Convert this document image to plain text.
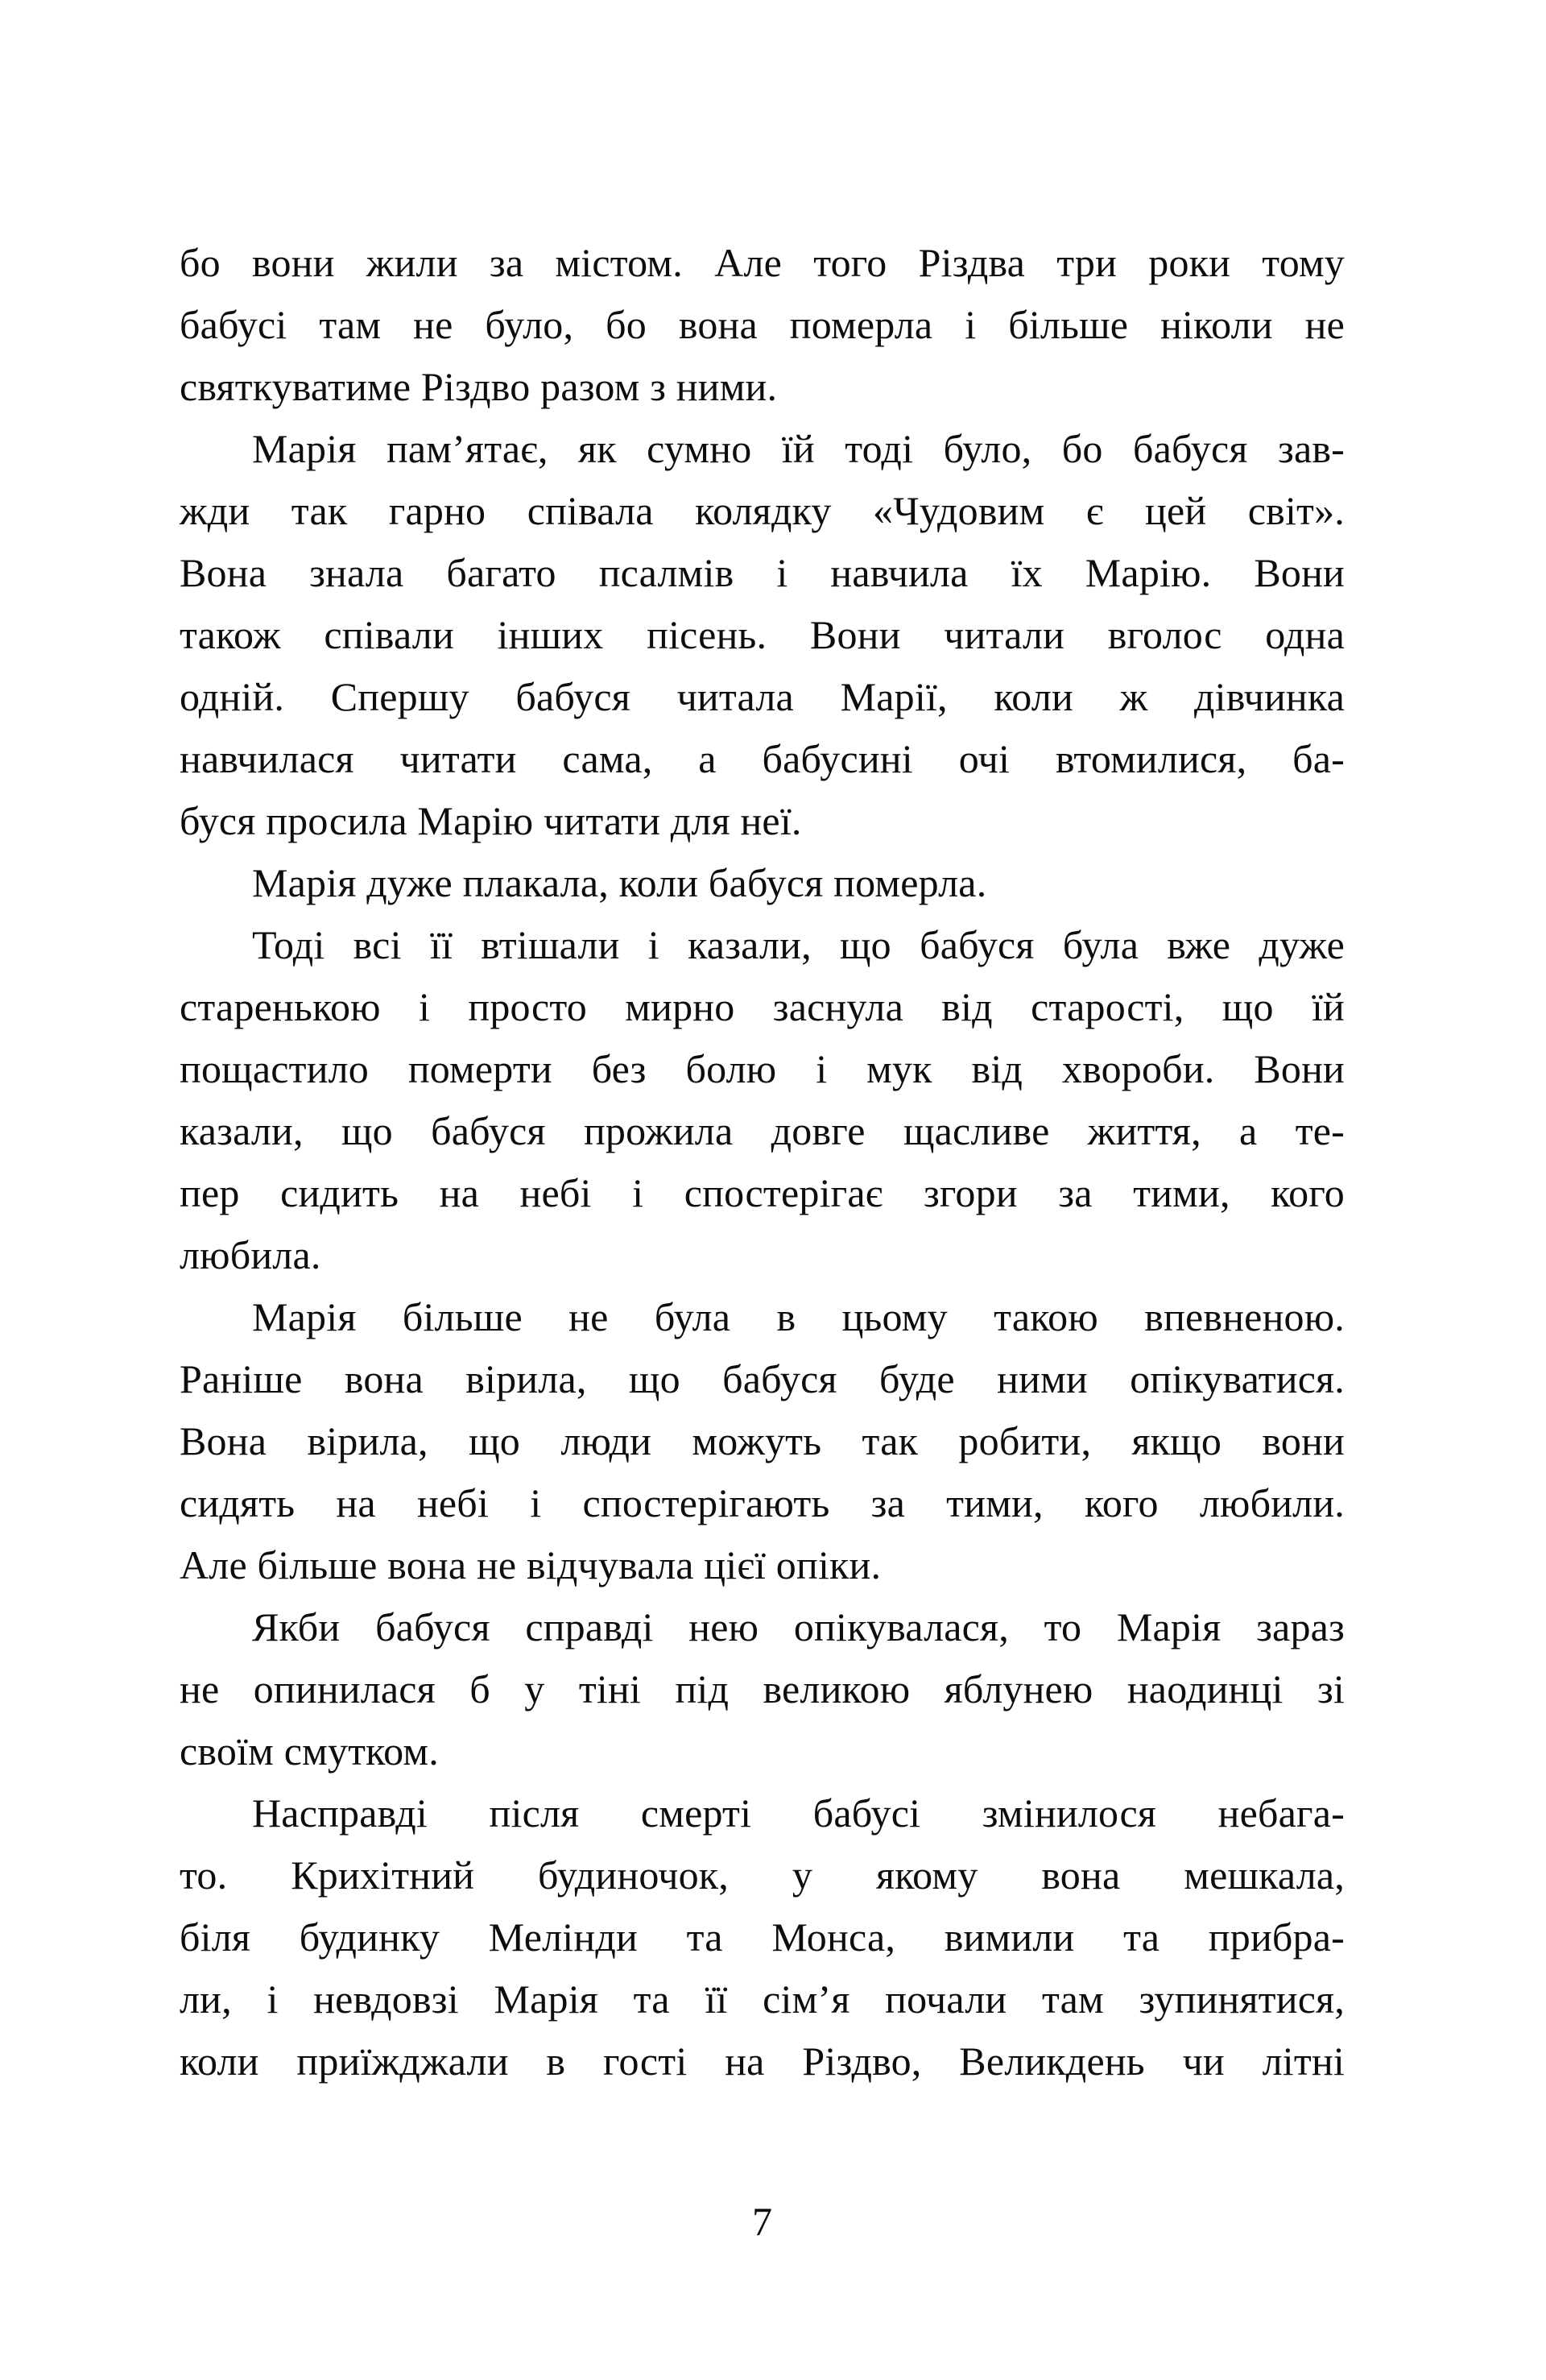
бо вони жили за містом. Але того Різдва три роки тому
бабусі там не було, бо вона померла і більше ніколи не
святкуватиме Різдво разом з ними.
Марія пам’ятає, як сумно їй тоді було, бо бабуся зав-
жди так гарно співала колядку «Чудовим є цей світ».
Вона знала багато псалмів і навчила їх Марію. Вони
також співали інших пісень. Вони читали вголос одна
одній. Спершу бабуся читала Марії, коли ж дівчинка
навчилася читати сама, а бабусині очі втомилися, ба-
буся просила Марію читати для неї.
Марія дуже плакала, коли бабуся померла.
Тоді всі її втішали і казали, що бабуся була вже дуже
старенькою і просто мирно заснула від старості, що їй
пощастило померти без болю і мук від хвороби. Вони
казали, що бабуся прожила довге щасливе життя, а те-
пер сидить на небі і спостерігає згори за тими, кого
любила.
Марія більше не була в цьому такою впевненою.
Раніше вона вірила, що бабуся буде ними опікуватися.
Вона вірила, що люди можуть так робити, якщо вони
сидять на небі і спостерігають за тими, кого любили.
Але більше вона не відчувала цієї опіки.
Якби бабуся справді нею опікувалася, то Марія зараз
не опинилася б у тіні під великою яблунею наодинці зі
своїм смутком.
Насправді після смерті бабусі змінилося небага-
то. Крихітний будиночок, у якому вона мешкала,
біля будинку Мелінди та Монса, вимили та прибра-
ли, і невдовзі Марія та її сім’я почали там зупинятися,
коли приїжджали в гості на Різдво, Великдень чи літні
7
